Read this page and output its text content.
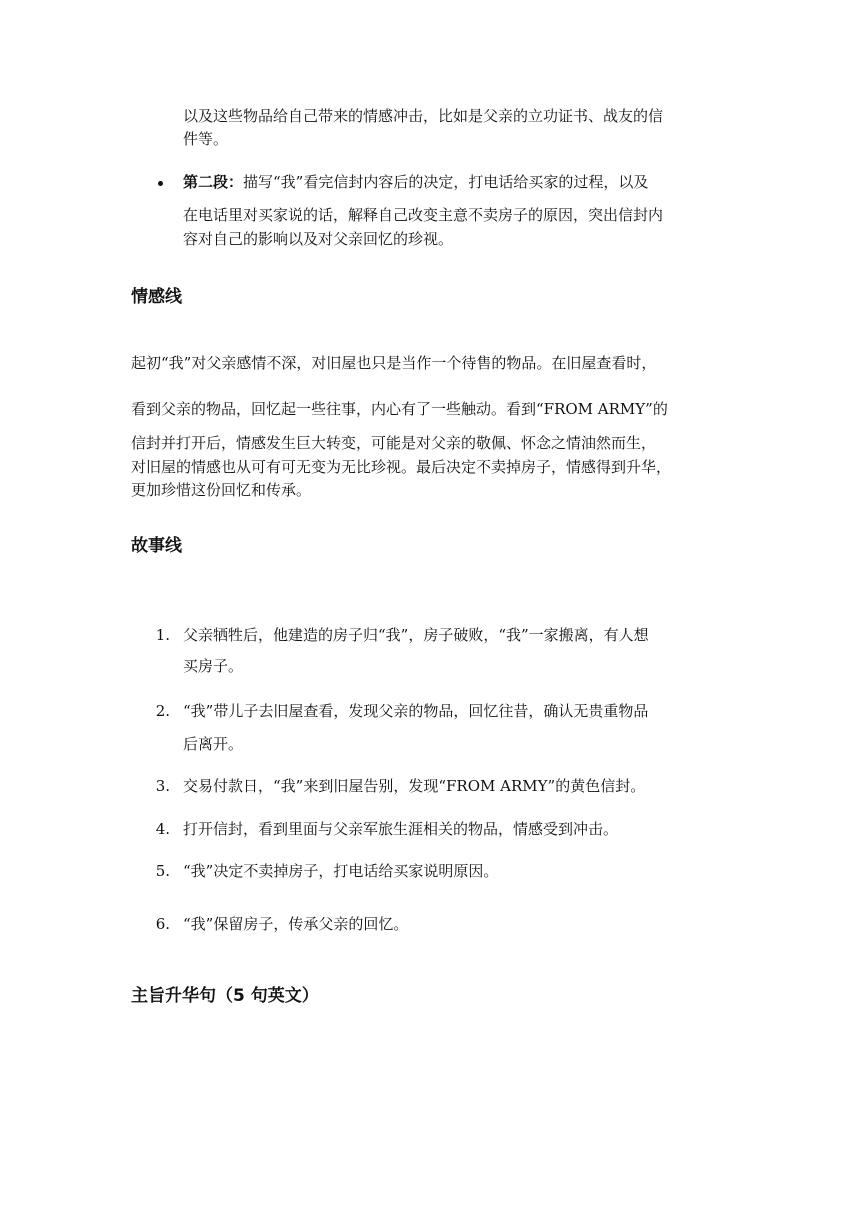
以及这些物品给自己带来的情感冲击，比如是父亲的立功证书、战友的信
件等。
第二段：描写“我”看完信封内容后的决定，打电话给买家的过程，以及
在电话里对买家说的话，解释自己改变主意不卖房子的原因，突出信封内
容对自己的影响以及对父亲回忆的珍视。
情感线
起初“我”对父亲感情不深，对旧屋也只是当作一个待售的物品。在旧屋查看时，
看到父亲的物品，回忆起一些往事，内心有了一些触动。看到“FROM ARMY”的
信封并打开后，情感发生巨大转变，可能是对父亲的敬佩、怀念之情油然而生，
对旧屋的情感也从可有可无变为无比珍视。最后决定不卖掉房子，情感得到升华，
更加珍惜这份回忆和传承。
故事线
1. 父亲牺牲后，他建造的房子归“我”，房子破败，“我”一家搬离，有人想
买房子。
2. “我”带儿子去旧屋查看，发现父亲的物品，回忆往昔，确认无贵重物品
后离开。
3. 交易付款日，“我”来到旧屋告别，发现“FROM ARMY”的黄色信封。
4. 打开信封，看到里面与父亲军旅生涯相关的物品，情感受到冲击。
5. “我”决定不卖掉房子，打电话给买家说明原因。
6. “我”保留房子，传承父亲的回忆。
主旨升华句（5 句英文）
